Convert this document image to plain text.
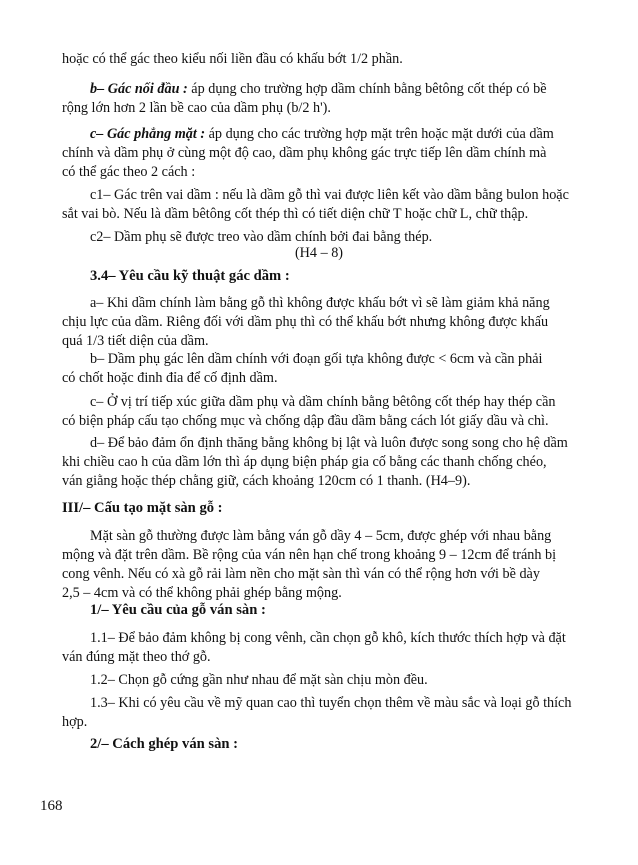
hoặc có thể gác theo kiểu nối liền đầu có khấu bớt 1/2 phần.

b– Gác nối đầu : áp dụng cho trường hợp dầm chính bằng bêtông cốt thép có bề
rộng lớn hơn 2 lần bề cao của dầm phụ (b/2 h').

c– Gác phẳng mặt : áp dụng cho các trường hợp mặt trên hoặc mặt dưới của dầm
chính và dầm phụ ở cùng một độ cao, dầm phụ không gác trực tiếp lên dầm chính mà
có thể gác theo 2 cách :

c1– Gác trên vai dầm : nếu là dầm gỗ thì vai được liên kết vào dầm bằng bulon hoặc
sắt vai bò. Nếu là dầm bêtông cốt thép thì có tiết diện chữ T hoặc chữ L, chữ thập.

c2– Dầm phụ sẽ được treo vào dầm chính bởi đai bằng thép.

(H4 – 8)

3.4– Yêu cầu kỹ thuật gác dầm :

a– Khi dầm chính làm bằng gỗ thì không được khấu bớt vì sẽ làm giảm khả năng
chịu lực của dầm. Riêng đối với dầm phụ thì có thể khấu bớt nhưng không được khấu
quá 1/3 tiết diện của dầm.

b– Dầm phụ gác lên dầm chính với đoạn gối tựa không được < 6cm và cần phải
có chốt hoặc đinh đỉa để cố định dầm.

c– Ở vị trí tiếp xúc giữa dầm phụ và dầm chính bằng bêtông cốt thép hay thép cần
có biện pháp cấu tạo chống mục và chống dập đầu dầm bằng cách lót giấy dầu và chì.

d– Để bảo đảm ổn định thăng bằng không bị lật và luôn được song song cho hệ dầm
khi chiều cao h của dầm lớn thì áp dụng biện pháp gia cố bằng các thanh chống chéo,
ván giằng hoặc thép chằng giữ, cách khoảng 120cm có 1 thanh. (H4–9).

III/– Cấu tạo mặt sàn gỗ :

Mặt sàn gỗ thường được làm bằng ván gỗ dầy 4 – 5cm, được ghép với nhau bằng
mộng và đặt trên dầm. Bề rộng của ván nên hạn chế trong khoảng 9 – 12cm để tránh bị
cong vênh. Nếu có xà gỗ rải làm nền cho mặt sàn thì ván có thể rộng hơn với bề dày
2,5 – 4cm và có thể không phải ghép bằng mộng.

1/– Yêu cầu của gỗ ván sàn :

1.1– Để bảo đảm không bị cong vênh, cần chọn gỗ khô, kích thước thích hợp và đặt
ván đúng mặt theo thớ gỗ.

1.2– Chọn gỗ cứng gần như nhau để mặt sàn chịu mòn đều.

1.3– Khi có yêu cầu về mỹ quan cao thì tuyển chọn thêm về màu sắc và loại gỗ thích
hợp.

2/– Cách ghép ván sàn :

168
